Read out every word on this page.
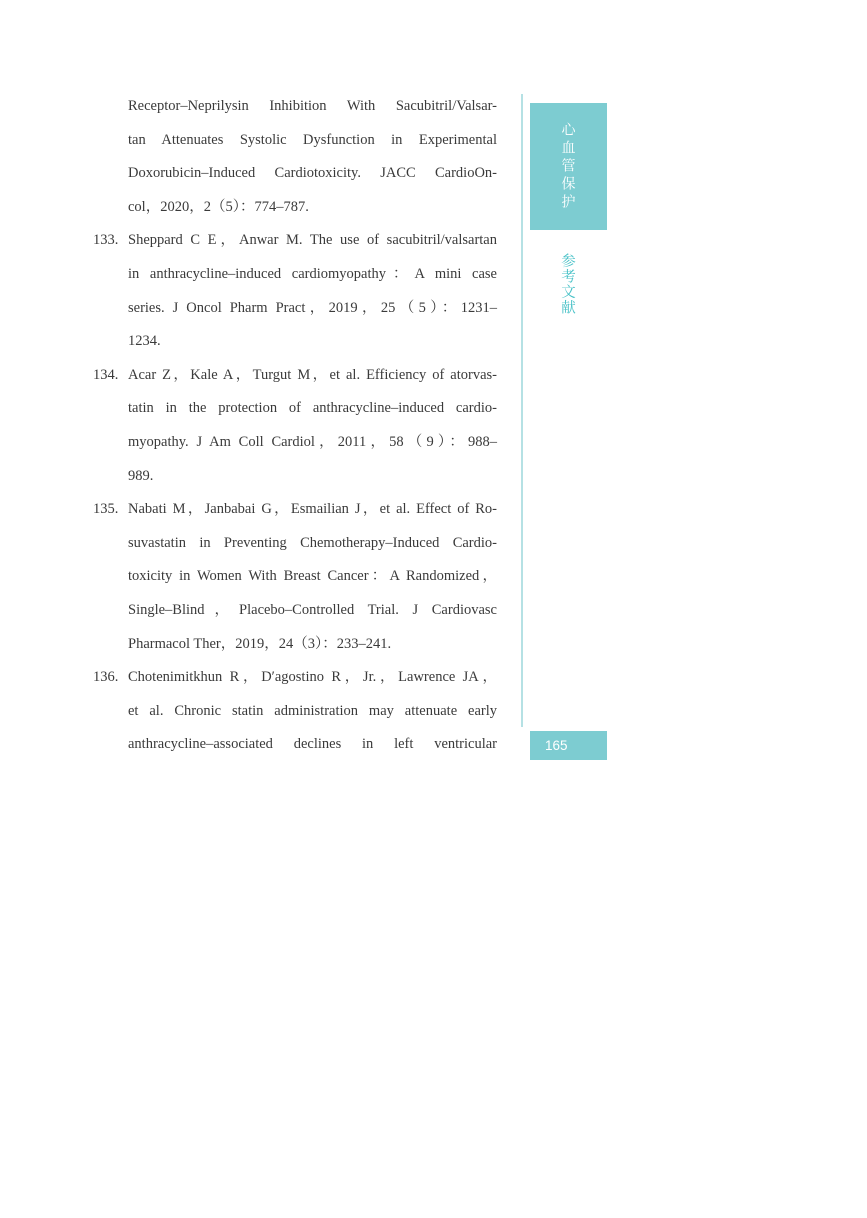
Receptor–Neprilysin Inhibition With Sacubitril/Valsar-
tan Attenuates Systolic Dysfunction in Experimental
Doxorubicin–Induced Cardiotoxicity. JACC CardioOn-
col，2020，2（5）：774–787.
133. Sheppard C E，Anwar M. The use of sacubitril/valsartan
in anthracycline–induced cardiomyopathy：A mini case
series. J Oncol Pharm Pract，2019，25（5）：1231–
1234.
134. Acar Z，Kale A，Turgut M，et al. Efficiency of atorvas-
tatin in the protection of anthracycline–induced cardio-
myopathy. J Am Coll Cardiol，2011，58（9）：988–
989.
135. Nabati M，Janbabai G，Esmailian J，et al. Effect of Ro-
suvastatin in Preventing Chemotherapy–Induced Cardio-
toxicity in Women With Breast Cancer：A Randomized，
Single–Blind，Placebo–Controlled Trial. J Cardiovasc
Pharmacol Ther，2019，24（3）：233–241.
136. Chotenimitkhun R，D′agostino R，Jr.，Lawrence JA，
et al. Chronic statin administration may attenuate early
anthracycline–associated declines in left ventricular
心血管保护
参考文献
165
